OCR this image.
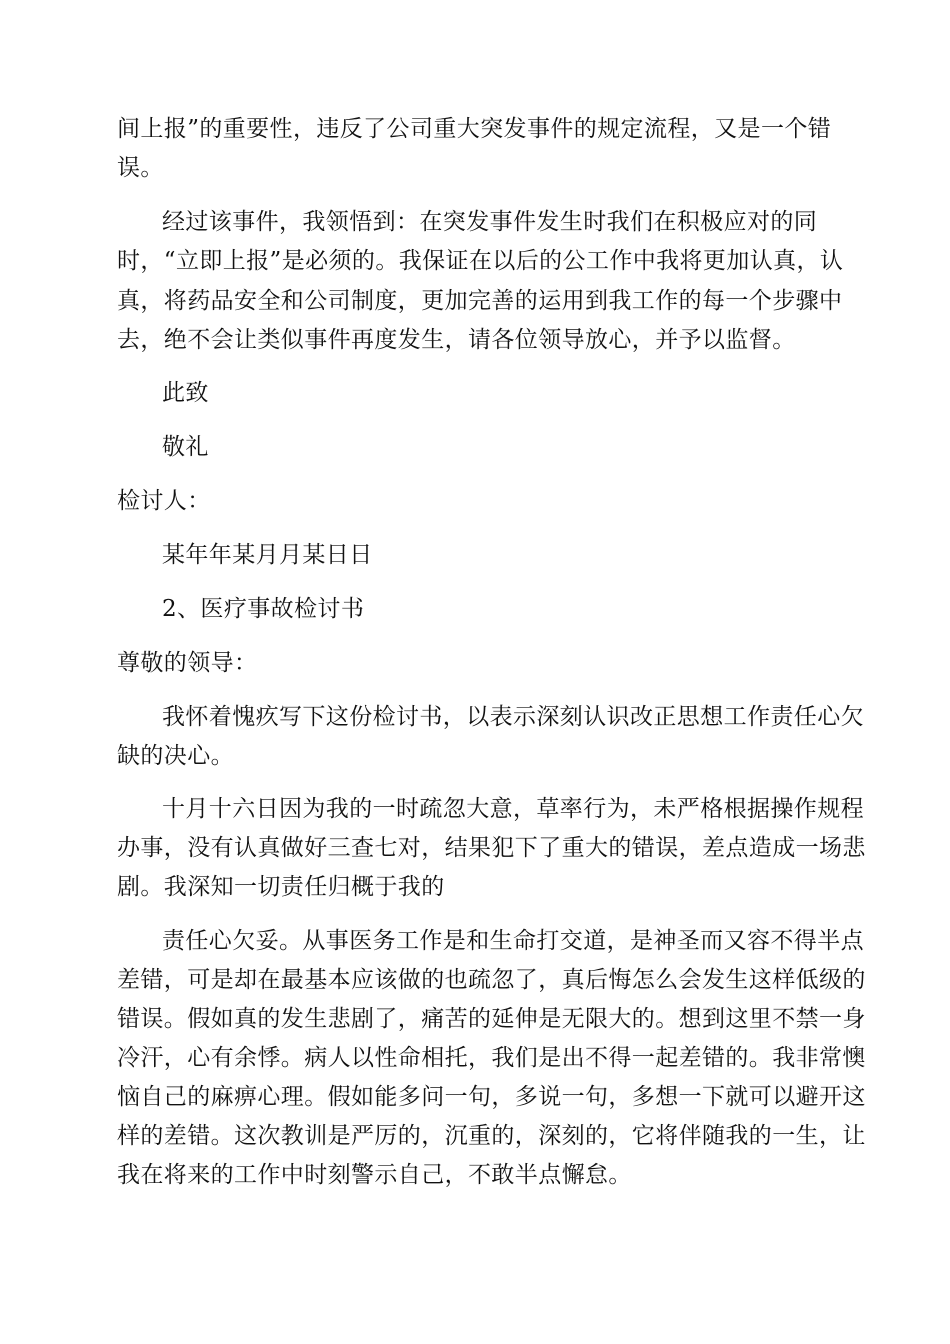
间上报”的重要性，违反了公司重大突发事件的规定流程，又是一个错
误。
经过该事件，我领悟到：在突发事件发生时我们在积极应对的同
时，“立即上报”是必须的。我保证在以后的公工作中我将更加认真，认
真，将药品安全和公司制度，更加完善的运用到我工作的每一个步骤中
去，绝不会让类似事件再度发生，请各位领导放心，并予以监督。
此致
敬礼
检讨人：
某年年某月月某日日
2、医疗事故检讨书
尊敬的领导：
我怀着愧疚写下这份检讨书，以表示深刻认识改正思想工作责任心欠
缺的决心。
十月十六日因为我的一时疏忽大意，草率行为，未严格根据操作规程
办事，没有认真做好三查七对，结果犯下了重大的错误，差点造成一场悲
剧。我深知一切责任归概于我的
责任心欠妥。从事医务工作是和生命打交道，是神圣而又容不得半点
差错，可是却在最基本应该做的也疏忽了，真后悔怎么会发生这样低级的
错误。假如真的发生悲剧了，痛苦的延伸是无限大的。想到这里不禁一身
冷汗，心有余悸。病人以性命相托，我们是出不得一起差错的。我非常懊
恼自己的麻痹心理。假如能多问一句，多说一句，多想一下就可以避开这
样的差错。这次教训是严厉的，沉重的，深刻的，它将伴随我的一生，让
我在将来的工作中时刻警示自己，不敢半点懈怠。
